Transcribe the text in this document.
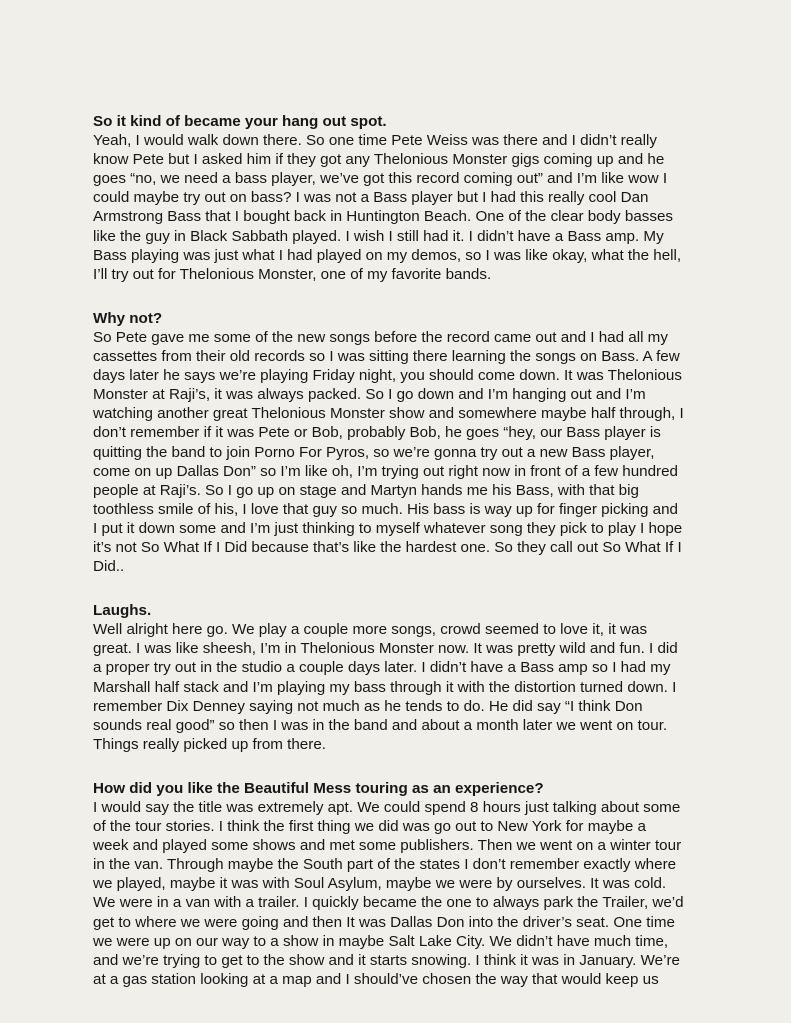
So it kind of became your hang out spot.

Yeah, I would walk down there. So one time Pete Weiss was there and I didn’t really
know Pete but I asked him if they got any Thelonious Monster gigs coming up and he
goes “no, we need a bass player, we’ve got this record coming out” and I’m like wow I
could maybe try out on bass? I was not a Bass player but I had this really cool Dan
Armstrong Bass that I bought back in Huntington Beach. One of the clear body basses
like the guy in Black Sabbath played. I wish I still had it. I didn’t have a Bass amp. My
Bass playing was just what I had played on my demos, so I was like okay, what the hell,
I’ll try out for Thelonious Monster, one of my favorite bands.

Why not?

So Pete gave me some of the new songs before the record came out and I had all my
cassettes from their old records so I was sitting there learning the songs on Bass. A few
days later he says we’re playing Friday night, you should come down. It was Thelonious
Monster at Raji’s, it was always packed. So I go down and I’m hanging out and I’m
watching another great Thelonious Monster show and somewhere maybe half through, I
don’t remember if it was Pete or Bob, probably Bob, he goes “hey, our Bass player is
quitting the band to join Porno For Pyros, so we’re gonna try out a new Bass player,
come on up Dallas Don” so I’m like oh, I’m trying out right now in front of a few hundred
people at Raji’s. So I go up on stage and Martyn hands me his Bass, with that big
toothless smile of his, I love that guy so much. His bass is way up for finger picking and
I put it down some and I’m just thinking to myself whatever song they pick to play I hope
it’s not So What If I Did because that’s like the hardest one. So they call out So What If I
Did..

Laughs.

Well alright here go. We play a couple more songs, crowd seemed to love it, it was
great. I was like sheesh, I’m in Thelonious Monster now. It was pretty wild and fun. I did
a proper try out in the studio a couple days later. I didn’t have a Bass amp so I had my
Marshall half stack and I’m playing my bass through it with the distortion turned down. I
remember Dix Denney saying not much as he tends to do. He did say “I think Don
sounds real good” so then I was in the band and about a month later we went on tour.
Things really picked up from there.

How did you like the Beautiful Mess touring as an experience?

I would say the title was extremely apt. We could spend 8 hours just talking about some
of the tour stories. I think the first thing we did was go out to New York for maybe a
week and played some shows and met some publishers. Then we went on a winter tour
in the van. Through maybe the South part of the states I don’t remember exactly where
we played, maybe it was with Soul Asylum, maybe we were by ourselves. It was cold.
We were in a van with a trailer. I quickly became the one to always park the Trailer, we’d
get to where we were going and then It was Dallas Don into the driver’s seat. One time
we were up on our way to a show in maybe Salt Lake City. We didn’t have much time,
and we’re trying to get to the show and it starts snowing. I think it was in January. We’re
at a gas station looking at a map and I should’ve chosen the way that would keep us
